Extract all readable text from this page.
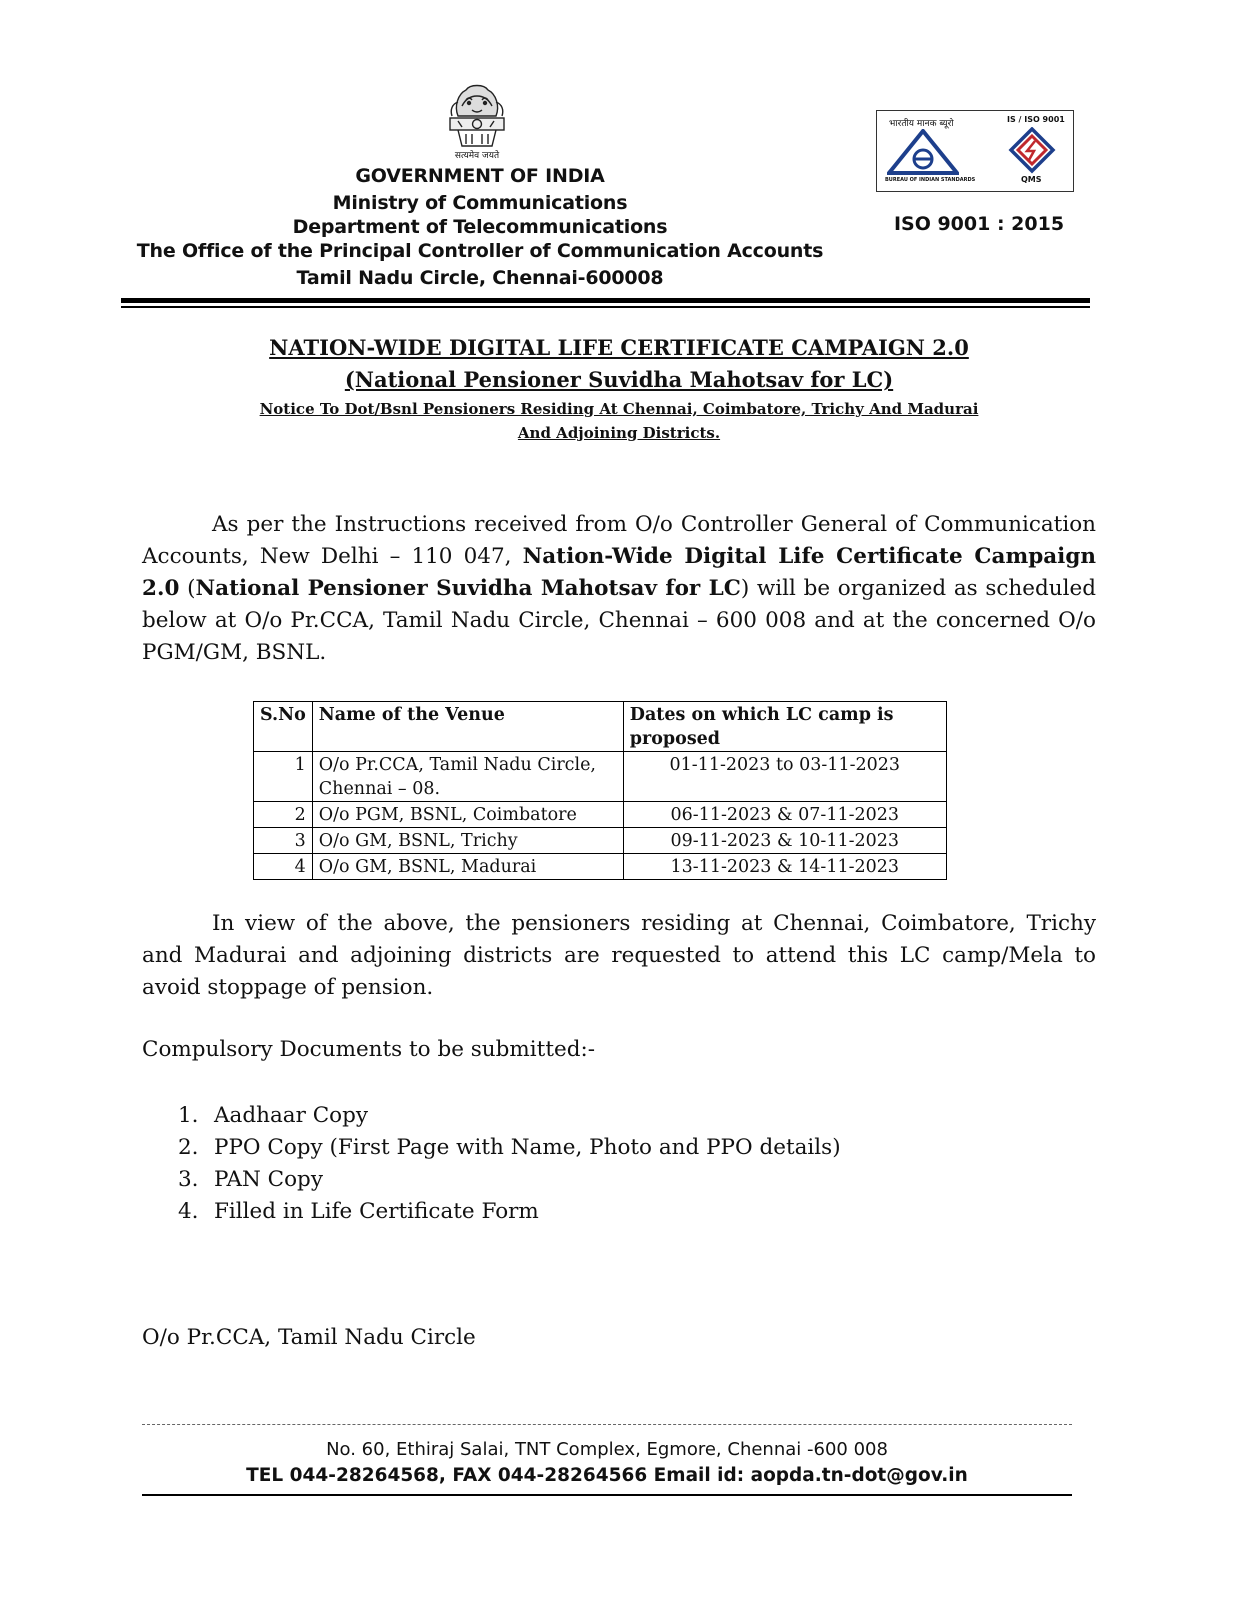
सत्यमेव जयते
GOVERNMENT OF INDIA
Ministry of Communications
Department of Telecommunications
The Office of the Principal Controller of Communication Accounts
Tamil Nadu Circle, Chennai-600008
भारतीय मानक ब्यूरो	IS / ISO 9001
BUREAU OF INDIAN STANDARDS	QMS
ISO 9001 : 2015
NATION-WIDE DIGITAL LIFE CERTIFICATE CAMPAIGN 2.0
(National Pensioner Suvidha Mahotsav for LC)
Notice To Dot/Bsnl Pensioners Residing At Chennai, Coimbatore, Trichy And Madurai
And Adjoining Districts.
As per the Instructions received from O/o Controller General of Communication Accounts, New Delhi – 110 047, Nation-Wide Digital Life Certificate Campaign 2.0 (National Pensioner Suvidha Mahotsav for LC) will be organized as scheduled below at O/o Pr.CCA, Tamil Nadu Circle, Chennai – 600 008 and at the concerned O/o PGM/GM, BSNL.
S.No	Name of the Venue	Dates on which LC camp is proposed
1	O/o Pr.CCA, Tamil Nadu Circle, Chennai – 08.	01-11-2023 to 03-11-2023
2	O/o PGM, BSNL, Coimbatore	06-11-2023 & 07-11-2023
3	O/o GM, BSNL, Trichy	09-11-2023 & 10-11-2023
4	O/o GM, BSNL, Madurai	13-11-2023 & 14-11-2023
In view of the above, the pensioners residing at Chennai, Coimbatore, Trichy and Madurai and adjoining districts are requested to attend this LC camp/Mela to avoid stoppage of pension.
Compulsory Documents to be submitted:-
1. Aadhaar Copy
2. PPO Copy (First Page with Name, Photo and PPO details)
3. PAN Copy
4. Filled in Life Certificate Form
O/o Pr.CCA, Tamil Nadu Circle
No. 60, Ethiraj Salai, TNT Complex, Egmore, Chennai -600 008
TEL 044-28264568, FAX 044-28264566 Email id: aopda.tn-dot@gov.in
